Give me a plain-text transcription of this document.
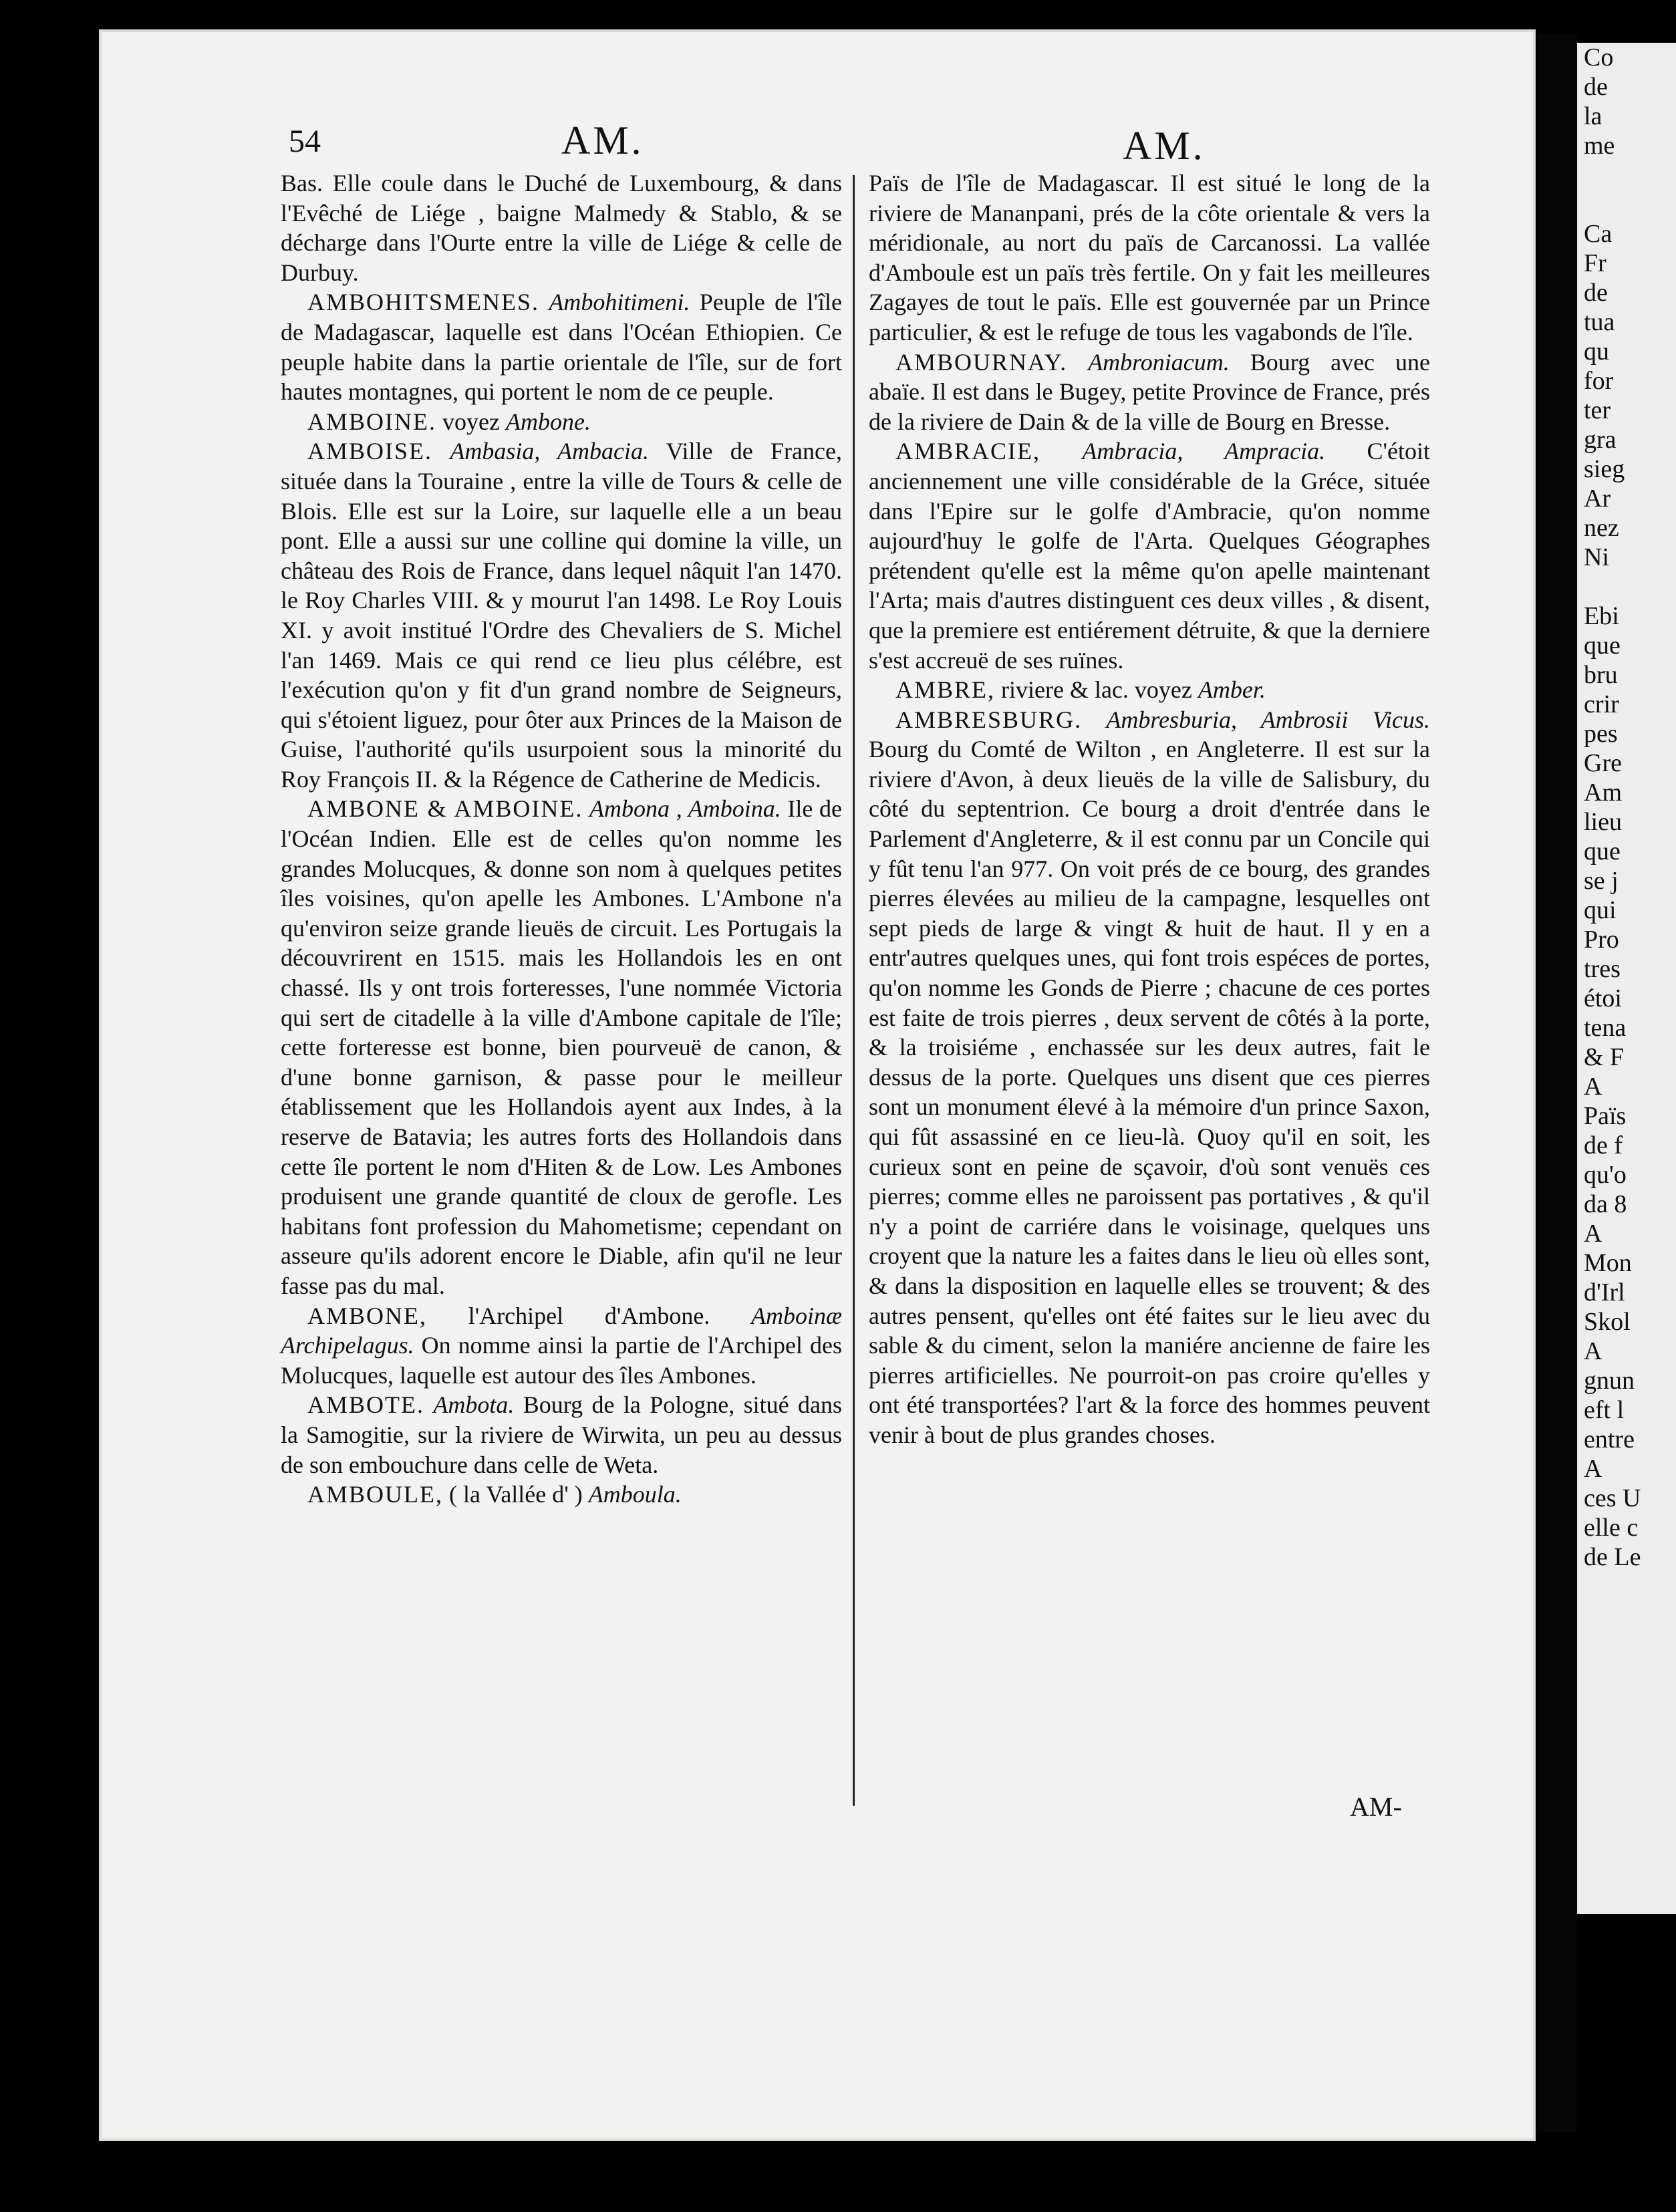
Co
de
la
me

Ca
Fr
de
tua
qu
for
ter
gra
sieg
Ar
nez
Ni

Ebi
que
bru
crir
pes
Gre
Am
lieu
que
se j
qui
Pro
tres
étoi
tena
& F
A
Païs
de f
qu'o
da 8
A
Mon
d'Irl
Skol
A
gnun
eft l
entre
A
ces U
elle c
de Le
54	AM.	AM.

Bas. Elle coule dans le Duché de Luxembourg, & dans l'Evêché de Liége , baigne Malmedy & Stablo, & se décharge dans l'Ourte entre la ville de Liége & celle de Durbuy.

AMBOHITSMENES. Ambohitimeni. Peuple de l'île de Madagascar, laquelle est dans l'Océan Ethiopien. Ce peuple habite dans la partie orientale de l'île, sur de fort hautes montagnes, qui portent le nom de ce peuple.

AMBOINE. voyez Ambone.

AMBOISE. Ambasia, Ambacia. Ville de France, située dans la Touraine , entre la ville de Tours & celle de Blois. Elle est sur la Loire, sur laquelle elle a un beau pont. Elle a aussi sur une colline qui domine la ville, un château des Rois de France, dans lequel nâquit l'an 1470. le Roy Charles VIII. & y mourut l'an 1498. Le Roy Louis XI. y avoit institué l'Ordre des Chevaliers de S. Michel l'an 1469. Mais ce qui rend ce lieu plus célébre, est l'exécution qu'on y fit d'un grand nombre de Seigneurs, qui s'étoient liguez, pour ôter aux Princes de la Maison de Guise, l'authorité qu'ils usurpoient sous la minorité du Roy François II. & la Régence de Catherine de Medicis.

AMBONE & AMBOINE. Ambona , Amboina. Ile de l'Océan Indien. Elle est de celles qu'on nomme les grandes Molucques, & donne son nom à quelques petites îles voisines, qu'on apelle les Ambones. L'Ambone n'a qu'environ seize grande lieuës de circuit. Les Portugais la découvrirent en 1515. mais les Hollandois les en ont chassé. Ils y ont trois forteresses, l'une nommée Victoria qui sert de citadelle à la ville d'Ambone capitale de l'île; cette forteresse est bonne, bien pourveuë de canon, & d'une bonne garnison, & passe pour le meilleur établissement que les Hollandois ayent aux Indes, à la reserve de Batavia; les autres forts des Hollandois dans cette île portent le nom d'Hiten & de Low. Les Ambones produisent une grande quantité de cloux de gerofle. Les habitans font profession du Mahometisme; cependant on asseure qu'ils adorent encore le Diable, afin qu'il ne leur fasse pas du mal.

AMBONE, l'Archipel d'Ambone. Amboinæ Archipelagus. On nomme ainsi la partie de l'Archipel des Molucques, laquelle est autour des îles Ambones.

AMBOTE. Ambota. Bourg de la Pologne, situé dans la Samogitie, sur la riviere de Wirwita, un peu au dessus de son embouchure dans celle de Weta.

AMBOULE, ( la Vallée d' ) Amboula.

Païs de l'île de Madagascar. Il est situé le long de la riviere de Mananpani, prés de la côte orientale & vers la méridionale, au nort du païs de Carcanossi. La vallée d'Amboule est un païs très fertile. On y fait les meilleures Zagayes de tout le païs. Elle est gouvernée par un Prince particulier, & est le refuge de tous les vagabonds de l'île.

AMBOURNAY. Ambroniacum. Bourg avec une abaïe. Il est dans le Bugey, petite Province de France, prés de la riviere de Dain & de la ville de Bourg en Bresse.

AMBRACIE, Ambracia, Ampracia. C'étoit anciennement une ville considérable de la Gréce, située dans l'Epire sur le golfe d'Ambracie, qu'on nomme aujourd'huy le golfe de l'Arta. Quelques Géographes prétendent qu'elle est la même qu'on apelle maintenant l'Arta; mais d'autres distinguent ces deux villes , & disent, que la premiere est entiérement détruite, & que la derniere s'est accreuë de ses ruïnes.

AMBRE, riviere & lac. voyez Amber.

AMBRESBURG. Ambresburia, Ambrosii Vicus. Bourg du Comté de Wilton , en Angleterre. Il est sur la riviere d'Avon, à deux lieuës de la ville de Salisbury, du côté du septentrion. Ce bourg a droit d'entrée dans le Parlement d'Angleterre, & il est connu par un Concile qui y fût tenu l'an 977. On voit prés de ce bourg, des grandes pierres élevées au milieu de la campagne, lesquelles ont sept pieds de large & vingt & huit de haut. Il y en a entr'autres quelques unes, qui font trois espéces de portes, qu'on nomme les Gonds de Pierre ; chacune de ces portes est faite de trois pierres , deux servent de côtés à la porte, & la troisiéme , enchassée sur les deux autres, fait le dessus de la porte. Quelques uns disent que ces pierres sont un monument élevé à la mémoire d'un prince Saxon, qui fût assassiné en ce lieu-là. Quoy qu'il en soit, les curieux sont en peine de sçavoir, d'où sont venuës ces pierres; comme elles ne paroissent pas portatives , & qu'il n'y a point de carriére dans le voisinage, quelques uns croyent que la nature les a faites dans le lieu où elles sont, & dans la disposition en laquelle elles se trouvent; & des autres pensent, qu'elles ont été faites sur le lieu avec du sable & du ciment, selon la maniére ancienne de faire les pierres artificielles. Ne pourroit-on pas croire qu'elles y ont été transportées? l'art & la force des hommes peuvent venir à bout de plus grandes choses.

AM-
